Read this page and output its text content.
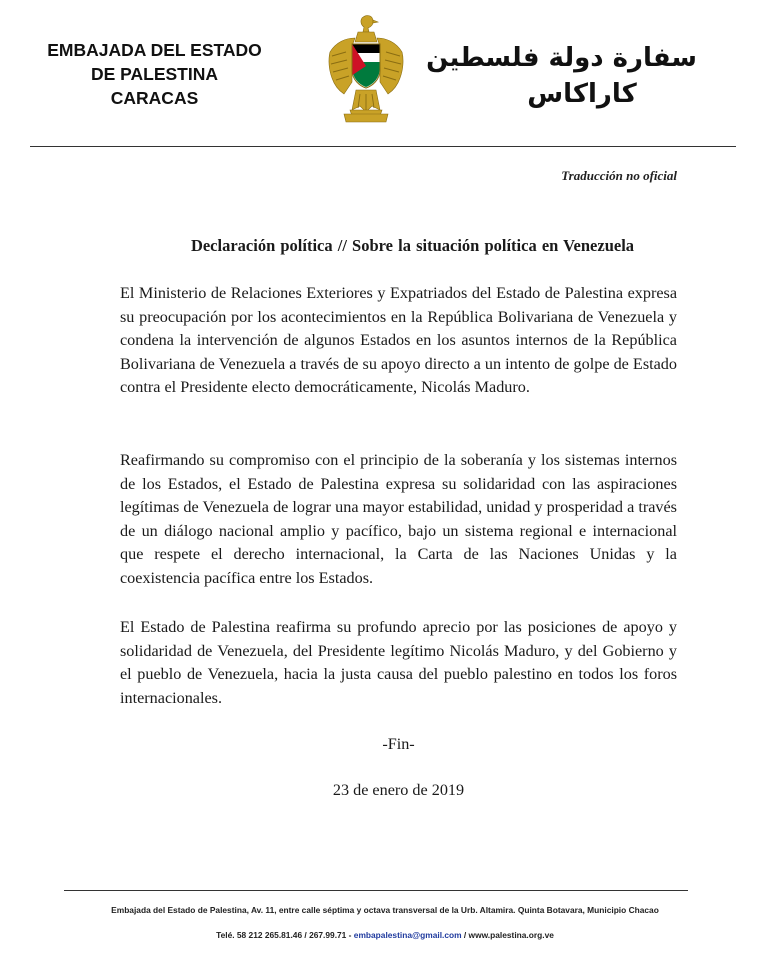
EMBAJADA DEL ESTADO
DE PALESTINA
CARACAS
سفارة دولة فلسطين
كاراكاس
Traducción no oficial
Declaración política // Sobre la situación política en Venezuela

El Ministerio de Relaciones Exteriores y Expatriados del Estado de Palestina expresa su preocupación por los acontecimientos en la República Bolivariana de Venezuela y condena la intervención de algunos Estados en los asuntos internos de la República Bolivariana de Venezuela a través de su apoyo directo a un intento de golpe de Estado contra el Presidente electo democráticamente, Nicolás Maduro.

Reafirmando su compromiso con el principio de la soberanía y los sistemas internos de los Estados, el Estado de Palestina expresa su solidaridad con las aspiraciones legítimas de Venezuela de lograr una mayor estabilidad, unidad y prosperidad a través de un diálogo nacional amplio y pacífico, bajo un sistema regional e internacional que respete el derecho internacional, la Carta de las Naciones Unidas y la coexistencia pacífica entre los Estados.

El Estado de Palestina reafirma su profundo aprecio por las posiciones de apoyo y solidaridad de Venezuela, del Presidente legítimo Nicolás Maduro, y del Gobierno y el pueblo de Venezuela, hacia la justa causa del pueblo palestino en todos los foros internacionales.

-Fin-
23 de enero de 2019
Embajada del Estado de Palestina, Av. 11, entre calle séptima y octava transversal de la Urb. Altamira. Quinta Botavara, Municipio Chacao
Telé. 58 212 265.81.46 / 267.99.71 - embapalestina@gmail.com / www.palestina.org.ve
